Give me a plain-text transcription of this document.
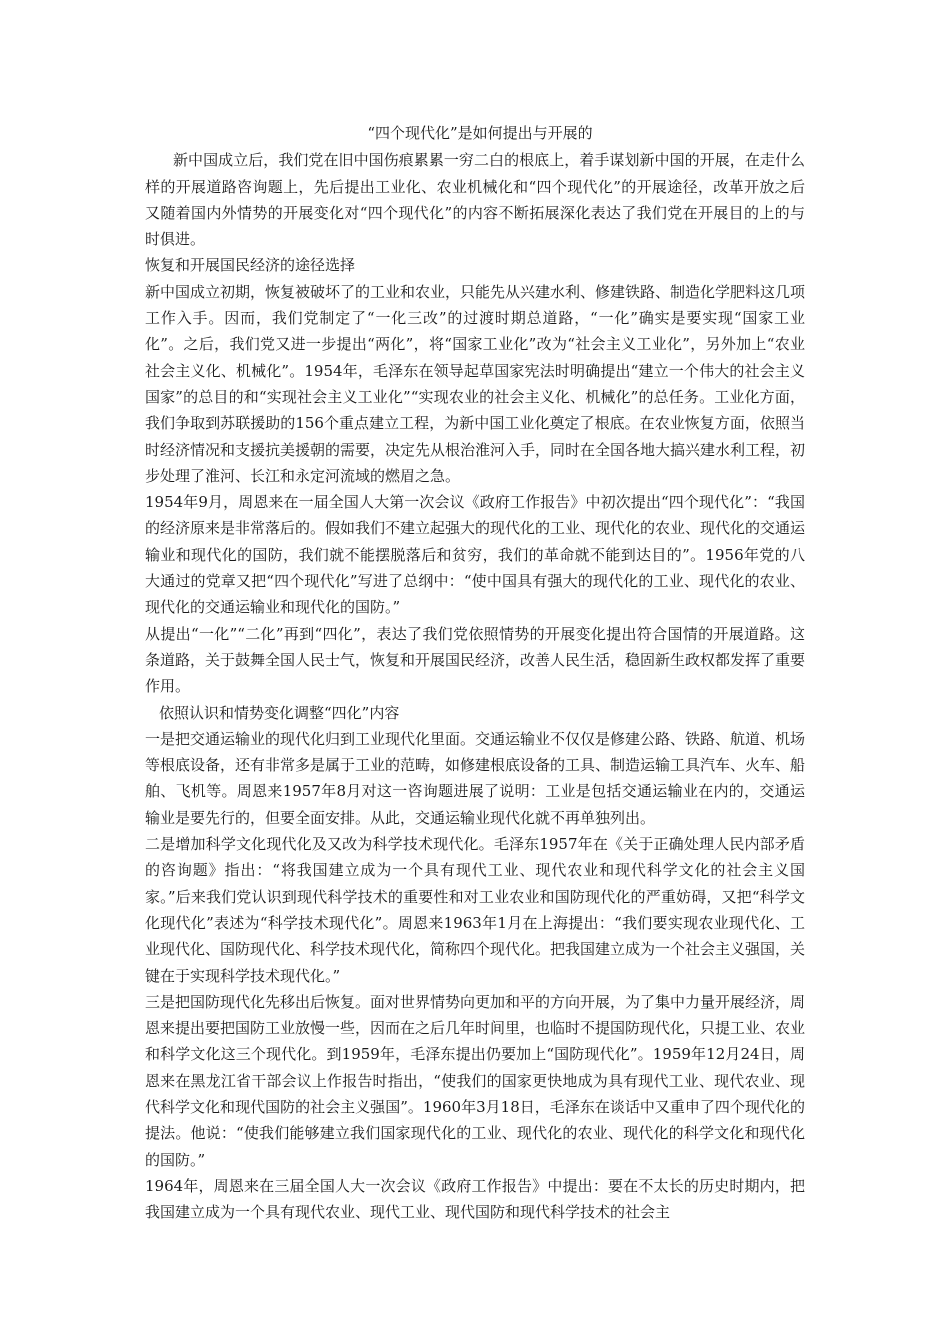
“四个现代化”是如何提出与开展的

新中国成立后，我们党在旧中国伤痕累累一穷二白的根底上，着手谋划新中国的开展，在走什么样的开展道路咨询题上，先后提出工业化、农业机械化和“四个现代化”的开展途径，改革开放之后又随着国内外情势的开展变化对“四个现代化”的内容不断拓展深化表达了我们党在开展目的上的与时俱进。

恢复和开展国民经济的途径选择

新中国成立初期，恢复被破坏了的工业和农业，只能先从兴建水利、修建铁路、制造化学肥料这几项工作入手。因而，我们党制定了“一化三改”的过渡时期总道路，“一化”确实是要实现“国家工业化”。之后，我们党又进一步提出“两化”，将“国家工业化”改为“社会主义工业化”，另外加上“农业社会主义化、机械化”。1954年，毛泽东在领导起草国家宪法时明确提出“建立一个伟大的社会主义国家”的总目的和“实现社会主义工业化”“实现农业的社会主义化、机械化”的总任务。工业化方面，我们争取到苏联援助的156个重点建立工程，为新中国工业化奠定了根底。在农业恢复方面，依照当时经济情况和支援抗美援朝的需要，决定先从根治淮河入手，同时在全国各地大搞兴建水利工程，初步处理了淮河、长江和永定河流域的燃眉之急。

1954年9月，周恩来在一届全国人大第一次会议《政府工作报告》中初次提出“四个现代化”：“我国的经济原来是非常落后的。假如我们不建立起强大的现代化的工业、现代化的农业、现代化的交通运输业和现代化的国防，我们就不能摆脱落后和贫穷，我们的革命就不能到达目的”。1956年党的八大通过的党章又把“四个现代化”写进了总纲中：“使中国具有强大的现代化的工业、现代化的农业、现代化的交通运输业和现代化的国防。”

从提出“一化”“二化”再到“四化”，表达了我们党依照情势的开展变化提出符合国情的开展道路。这条道路，关于鼓舞全国人民士气，恢复和开展国民经济，改善人民生活，稳固新生政权都发挥了重要作用。

依照认识和情势变化调整“四化”内容

一是把交通运输业的现代化归到工业现代化里面。交通运输业不仅仅是修建公路、铁路、航道、机场等根底设备，还有非常多是属于工业的范畴，如修建根底设备的工具、制造运输工具汽车、火车、船舶、飞机等。周恩来1957年8月对这一咨询题进展了说明：工业是包括交通运输业在内的，交通运输业是要先行的，但要全面安排。从此，交通运输业现代化就不再单独列出。

二是增加科学文化现代化及又改为科学技术现代化。毛泽东1957年在《关于正确处理人民内部矛盾的咨询题》指出：“将我国建立成为一个具有现代工业、现代农业和现代科学文化的社会主义国家。”后来我们党认识到现代科学技术的重要性和对工业农业和国防现代化的严重妨碍，又把“科学文化现代化”表述为“科学技术现代化”。周恩来1963年1月在上海提出：“我们要实现农业现代化、工业现代化、国防现代化、科学技术现代化，简称四个现代化。把我国建立成为一个社会主义强国，关键在于实现科学技术现代化。”

三是把国防现代化先移出后恢复。面对世界情势向更加和平的方向开展，为了集中力量开展经济，周恩来提出要把国防工业放慢一些，因而在之后几年时间里，也临时不提国防现代化，只提工业、农业和科学文化这三个现代化。到1959年，毛泽东提出仍要加上“国防现代化”。1959年12月24日，周恩来在黑龙江省干部会议上作报告时指出，“使我们的国家更快地成为具有现代工业、现代农业、现代科学文化和现代国防的社会主义强国”。1960年3月18日，毛泽东在谈话中又重申了四个现代化的提法。他说：“使我们能够建立我们国家现代化的工业、现代化的农业、现代化的科学文化和现代化的国防。”

1964年，周恩来在三届全国人大一次会议《政府工作报告》中提出：要在不太长的历史时期内，把我国建立成为一个具有现代农业、现代工业、现代国防和现代科学技术的社会主
